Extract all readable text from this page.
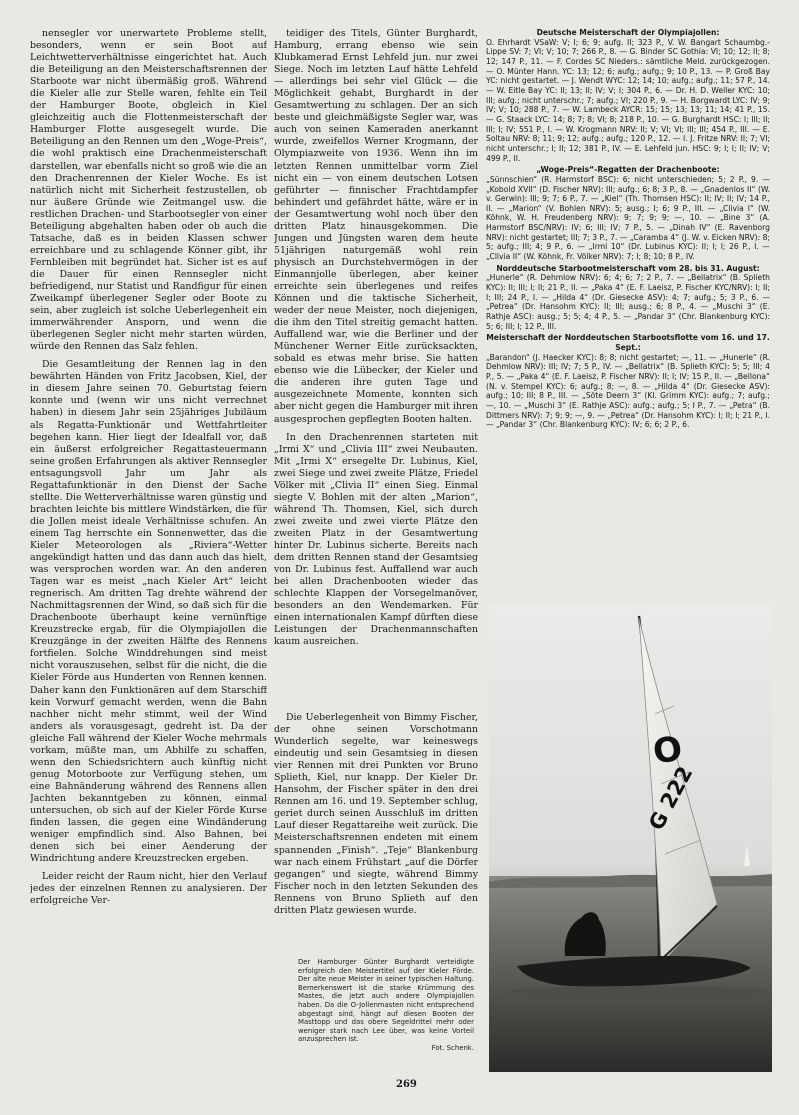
nensegler vor unerwartete Probleme stellt, besonders, wenn er sein Boot auf Leichtwetterverhältnisse eingerichtet hat. Auch die Beteiligung an den Meisterschaftsrennen der Starboote war nicht übermäßig groß. Während die Kieler alle zur Stelle waren, fehlte ein Teil der Hamburger Boote, obgleich in Kiel gleichzeitig auch die Flottenmeisterschaft der Hamburger Flotte ausgesegelt wurde. Die Beteiligung an den Rennen um den „Woge-Preis“, die wohl praktisch eine Drachenmeisterschaft darstellen, war ebenfalls nicht so groß wie die an den Drachenrennen der Kieler Woche. Es ist natürlich nicht mit Sicherheit festzustellen, ob nur äußere Gründe wie Zeitmangel usw. die restlichen Drachen- und Starbootsegler von einer Beteiligung abgehalten haben oder ob auch die Tatsache, daß es in beiden Klassen schwer erreichbare und zu schlagende Könner gibt, ihr Fernbleiben mit begründet hat. Sicher ist es auf die Dauer für einen Rennsegler nicht befriedigend, nur Statist und Randfigur für einen Zweikampf überlegener Segler oder Boote zu sein, aber zugleich ist solche Ueberlegenheit ein immerwährender Ansporn, und wenn die überlegenen Segler nicht mehr starten würden, würde den Rennen das Salz fehlen.

Die Gesamtleitung der Rennen lag in den bewährten Händen von Fritz Jacobsen, Kiel, der in diesem Jahre seinen 70. Geburtstag feiern konnte und (wenn wir uns nicht verrechnet haben) in diesem Jahr sein 25jähriges Jubiläum als Regatta-Funktionär und Wettfahrtleiter begehen kann. Hier liegt der Idealfall vor, daß ein äußerst erfolgreicher Regattasteuermann seine großen Erfahrungen als aktiver Rennsegler entsagungsvoll Jahr um Jahr als Regattafunktionär in den Dienst der Sache stellte. Die Wetterverhältnisse waren günstig und brachten leichte bis mittlere Windstärken, die für die Jollen meist ideale Verhältnisse schufen. An einem Tag herrschte ein Sonnenwetter, das die Kieler Meteorologen als „Riviera“-Wetter angekündigt hatten und das dann auch das hielt, was versprochen worden war. An den anderen Tagen war es meist „nach Kieler Art“ leicht regnerisch. Am dritten Tag drehte während der Nachmittagsrennen der Wind, so daß sich für die Drachenboote überhaupt keine vernünftige Kreuzstrecke ergab, für die Olympiajollen die Kreuzgänge in der zweiten Hälfte des Rennens fortfielen. Solche Winddrehungen sind meist nicht vorauszusehen, selbst für die nicht, die die Kieler Förde aus Hunderten von Rennen kennen. Daher kann den Funktionären auf dem Starschiff kein Vorwurf gemacht werden, wenn die Bahn nachher nicht mehr stimmt, weil der Wind anders als vorausgesagt, gedreht ist. Da der gleiche Fall während der Kieler Woche mehrmals vorkam, müßte man, um Abhilfe zu schaffen, wenn den Schiedsrichtern auch künftig nicht genug Motorboote zur Verfügung stehen, um eine Bahnänderung während des Rennens allen Jachten bekanntgeben zu können, einmal untersuchen, ob sich auf der Kieler Förde Kurse finden lassen, die gegen eine Windänderung weniger empfindlich sind. Also Bahnen, bei denen sich bei einer Aenderung der Windrichtung andere Kreuzstrecken ergeben.

Leider reicht der Raum nicht, hier den Verlauf jedes der einzelnen Rennen zu analysieren. Der erfolgreiche Ver-

teidiger des Titels, Günter Burghardt, Hamburg, errang ebenso wie sein Klubkamerad Ernst Lehfeld jun. nur zwei Siege. Noch im letzten Lauf hätte Lehfeld — allerdings bei sehr viel Glück — die Möglichkeit gehabt, Burghardt in der Gesamtwertung zu schlagen. Der an sich beste und gleichmäßigste Segler war, was auch von seinen Kameraden anerkannt wurde, zweifellos Werner Krogmann, der Olympiazweite von 1936. Wenn ihn im letzten Rennen unmittelbar vorm Ziel nicht ein — von einem deutschen Lotsen geführter — finnischer Frachtdampfer behindert und gefährdet hätte, wäre er in der Gesamtwertung wohl noch über den dritten Platz hinausgekommen. Die Jungen und Jüngsten waren dem heute 51jährigen naturgemäß wohl rein physisch an Durchstehvermögen in der Einmannjolle überlegen, aber keiner erreichte sein überlegenes und reifes Können und die taktische Sicherheit, weder der neue Meister, noch diejenigen, die ihm den Titel streitig gemacht hatten. Auffallend war, wie die Berliner und der Münchener Werner Eitle zurücksackten, sobald es etwas mehr brise. Sie hatten ebenso wie die Lübecker, der Kieler und die anderen ihre guten Tage und ausgezeichnete Momente, konnten sich aber nicht gegen die Hamburger mit ihren ausgesprochen gepflegten Booten halten.

In den Drachenrennen starteten mit „Irmi X“ und „Clivia III“ zwei Neubauten. Mit „Irmi X“ ersegelte Dr. Lubinus, Kiel, zwei Siege und zwei zweite Plätze, Friedel Völker mit „Clivia II“ einen Sieg. Einmal siegte V. Bohlen mit der alten „Marion“, während Th. Thomsen, Kiel, sich durch zwei zweite und zwei vierte Plätze den zweiten Platz in der Gesamtwertung hinter Dr. Lubinus sicherte. Bereits nach dem dritten Rennen stand der Gesamtsieg von Dr. Lubinus fest. Auffallend war auch bei allen Drachenbooten wieder das schlechte Klappen der Vorsegelmanöver, besonders an den Wendemarken. Für einen internationalen Kampf dürften diese Leistungen der Drachenmannschaften kaum ausreichen.

Die Ueberlegenheit von Bimmy Fischer, der ohne seinen Vorschotmann Wunderlich segelte, war keineswegs eindeutig und sein Gesamtsieg in diesen vier Rennen mit drei Punkten vor Bruno Splieth, Kiel, nur knapp. Der Kieler Dr. Hansohm, der Fischer später in den drei Rennen am 16. und 19. September schlug, geriet durch seinen Ausschluß im dritten Lauf dieser Regattareihe weit zurück. Die Meisterschaftsrennen endeten mit einem spannenden „Finish“. „Teje“ Blankenburg war nach einem Frühstart „auf die Dörfer gegangen“ und siegte, während Bimmy Fischer noch in den letzten Sekunden des Rennens von Bruno Splieth auf den dritten Platz gewiesen wurde.

Deutsche Meisterschaft der Olympiajollen:
O. Ehrhardt VSaW: V; I; 6; 9; aufg. II; 323 P., V. W. Bangart Schaumbg.-Lippe SV: 7; VI; V; 10; 7; 266 P., 8. — G. Binder SC Gothia: VI; 10; 12; II; 8; 12; 147 P., 11. — F. Cordes SC Nieders.: sämtliche Meld. zurückgezogen. — O. Münter Hann. YC: 13; 12; 6; aufg.; aufg.; 9; 10 P., 13. — P. Groß Bay YC: nicht gestartet. — J. Wendt WYC: 12; 14; 10; aufg.; aufg.; 11; 57 P., 14. — W. Eitle Bay YC: II; 13; II; IV; V; I; 304 P., 6. — Dr. H. D. Weller KYC: 10; III; aufg.; nicht unterschr.; 7; aufg.; VI; 220 P., 9. — H. Borgwardt LYC: IV; 9; IV; V; 10; 288 P., 7. — W. Lambeck AYCR: 15; 15; 13; 13; 11; 14; 41 P., 15. — G. Staack LYC: 14; 8; 7; 8; VI; 8; 218 P., 10. — G. Burghardt HSC: I; III; II; III; I; IV; 551 P., I. — W. Krogmann NRV: II; V; VI; VI; III; III; 454 P., III. — E. Soltau NRV: 8; 11; 9; 12; aufg.; aufg.; 120 P., 12. — I. J. Fritze NRV: II; 7; VI; nicht unterschr.; I; II; 12; 381 P., IV. — E. Lehfeld jun. HSC: 9; I; I; II; IV; V; 499 P., II.
„Woge-Preis“-Regatten der Drachenboote:
„Sünnschien“ (R. Harmstorf BSC): 6; nicht unterschieden; 5; 2 P., 9. — „Kobold XVII“ (D. Fischer NRV): III; aufg.; 6; 8; 3 P., 8. — „Gnadenlos II“ (W. v. Gerwin): III; 9; 7; 6 P., 7. — „Kiel“ (Th. Thomsen HSC): II; IV; II; IV; 14 P., II. — „Marion“ (V. Bohlen NRV): 5; ausg.; I; 6; 9 P., III. — „Clivia I“ (W. Köhnk, W. H. Freudenberg NRV): 9; 7; 9; 9; —, 10. — „Bine 3“ (A. Harmstorf BSC/NRV): IV; 6; III; IV; 7 P., 5. — „Dinah IV“ (E. Ravenborg NRV): nicht gestartet; III; 7; 3 P., 7. — „Caramba 4“ (J. W. v. Eicken NRV): 8; 5; aufg.; III; 4; 9 P., 6. — „Irmi 10“ (Dr. Lubinus KYC): II; I; I; 26 P., I. — „Clivia II“ (W. Köhnk, Fr. Völker NRV): 7; I; 8; 10; 8 P., IV.
Norddeutsche Starbootmeisterschaft vom 28. bis 31. August:
„Hunerle“ (R. Dehmlow NRV): 6; 4; 6; 7; 2 P., 7. — „Bellatrix“ (B. Splieth KYC): II; III; I; II; 21 P., II. — „Paka 4“ (E. F. Laeisz, P. Fischer KYC/NRV): I; II; I; III; 24 P., I. — „Hilda 4“ (Dr. Giesecke ASV): 4; 7; aufg.; 5; 3 P., 6. — „Petrea“ (Dr. Hansohm KYC): II; III; ausg.; 6; 8 P., 4. — „Muschi 3“ (E. Rathje ASC): ausg.; 5; 5; 4; 4 P., 5. — „Pandar 3“ (Chr. Blankenburg KYC): 5; 6; III; I; 12 P., III.
Meisterschaft der Norddeutschen Starbootsflotte vom 16. und 17. Sept.:
„Barandon“ (J. Haecker KYC): 8; 8; nicht gestartet; —, 11. — „Hunerle“ (R. Dehmlow NRV): III; IV; 7; 5 P., IV. — „Bellatrix“ (B. Splieth KYC): 5; 5; III; 4 P., 5. — „Paka 4“ (E. F. Laeisz, P. Fischer NRV): II; I; IV; 15 P., II. — „Bellona“ (N. v. Stempel KYC): 6; aufg.; 8; —, 8. — „Hilda 4“ (Dr. Giesecke ASV): aufg.; 10; III; 8 P., III. — „Söte Deern 3“ (Kl. Grimm KYC): aufg.; 7; aufg.; —, 10. — „Muschi 3“ (E. Rathje ASC): aufg.; aufg.; 5; I P., 7. — „Petra“ (B. Dittmers NRV): 7; 9; 9; —, 9. — „Petrea“ (Dr. Hansohm KYC): I; II; I; 21 P., I. — „Pandar 3“ (Chr. Blankenburg KYC): IV; 6; 6; 2 P., 6.
O
G 222
Der Hamburger Günter Burghardt verteidigte erfolgreich den Meistertitel auf der Kieler Förde. Der alte neue Meister in seiner typischen Haltung. Bemerkenswert ist die starke Krümmung des Mastes, die jetzt auch andere Olympiajollen haben. Da die O-Jollenmasten nicht entsprechend abgestagt sind, hängt auf diesen Booten der Masttopp und das obere Segeldrittel mehr oder weniger stark nach Lee über, was keine Vorteil anzusprechen ist.
Fot. Schenk.
269
